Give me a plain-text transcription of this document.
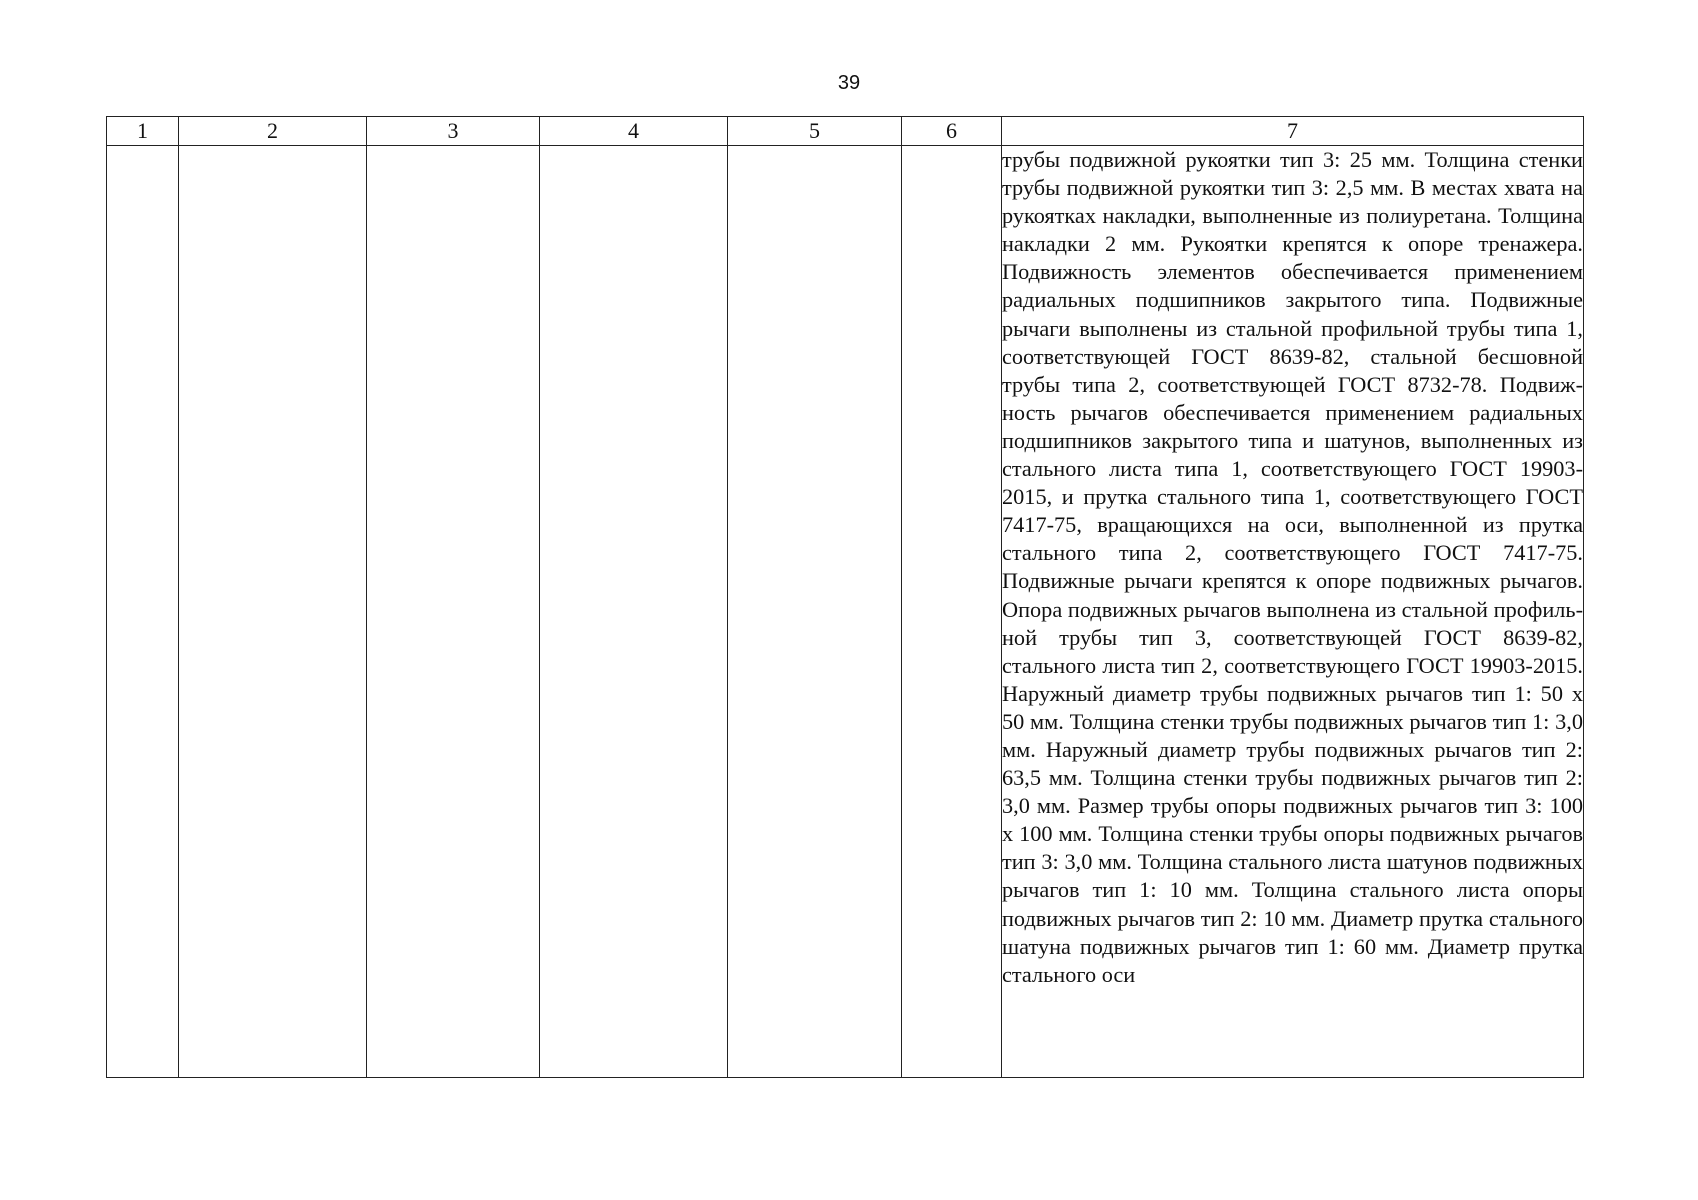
39
1	2	3	4	5	6	7
						трубы подвижной рукоятки тип 3: 25 мм. Толщина стенки трубы подвижной рукоятки тип 3: 2,5 мм. В местах хвата на рукоятках накладки, выполненные из полиуретана. Толщина накладки 2 мм. Рукоятки крепятся к опоре тренажера. Подвижность элементов обеспечивается применением радиальных подшипников закрытого типа. Подвижные рычаги выполнены из стальной профильной трубы типа 1, соответствующей ГОСТ 8639-82, стальной бесшовной трубы типа 2, соответствующей ГОСТ 8732-78. Подвижность рычагов обеспечивается применением радиальных подшипников закрытого типа и шатунов, выполненных из стального листа типа 1, соответствующего ГОСТ 19903-2015, и прутка стального типа 1, соответствующего ГОСТ 7417-75, вращающихся на оси, выполненной из прутка стального типа 2, соответствующего ГОСТ 7417-75. Подвижные рычаги крепятся к опоре подвижных рычагов. Опора подвижных рычагов выполнена из стальной профильной трубы тип 3, соответствующей ГОСТ 8639-82, стального листа тип 2, соответствующего ГОСТ 19903-2015. Наружный диаметр трубы подвижных рычагов тип 1: 50 х 50 мм. Толщина стенки трубы подвижных рычагов тип 1: 3,0 мм. Наружный диаметр трубы подвижных рычагов тип 2: 63,5 мм. Толщина стенки трубы подвижных рычагов тип 2: 3,0 мм. Размер трубы опоры подвижных рычагов тип 3: 100 х 100 мм. Толщина стенки трубы опоры подвижных рычагов тип 3: 3,0 мм. Толщина стального листа шатунов подвижных рычагов тип 1: 10 мм. Толщина стального листа опоры подвижных рычагов тип 2: 10 мм. Диаметр прутка стального шатуна подвижных рычагов тип 1: 60 мм. Диаметр прутка стального оси
